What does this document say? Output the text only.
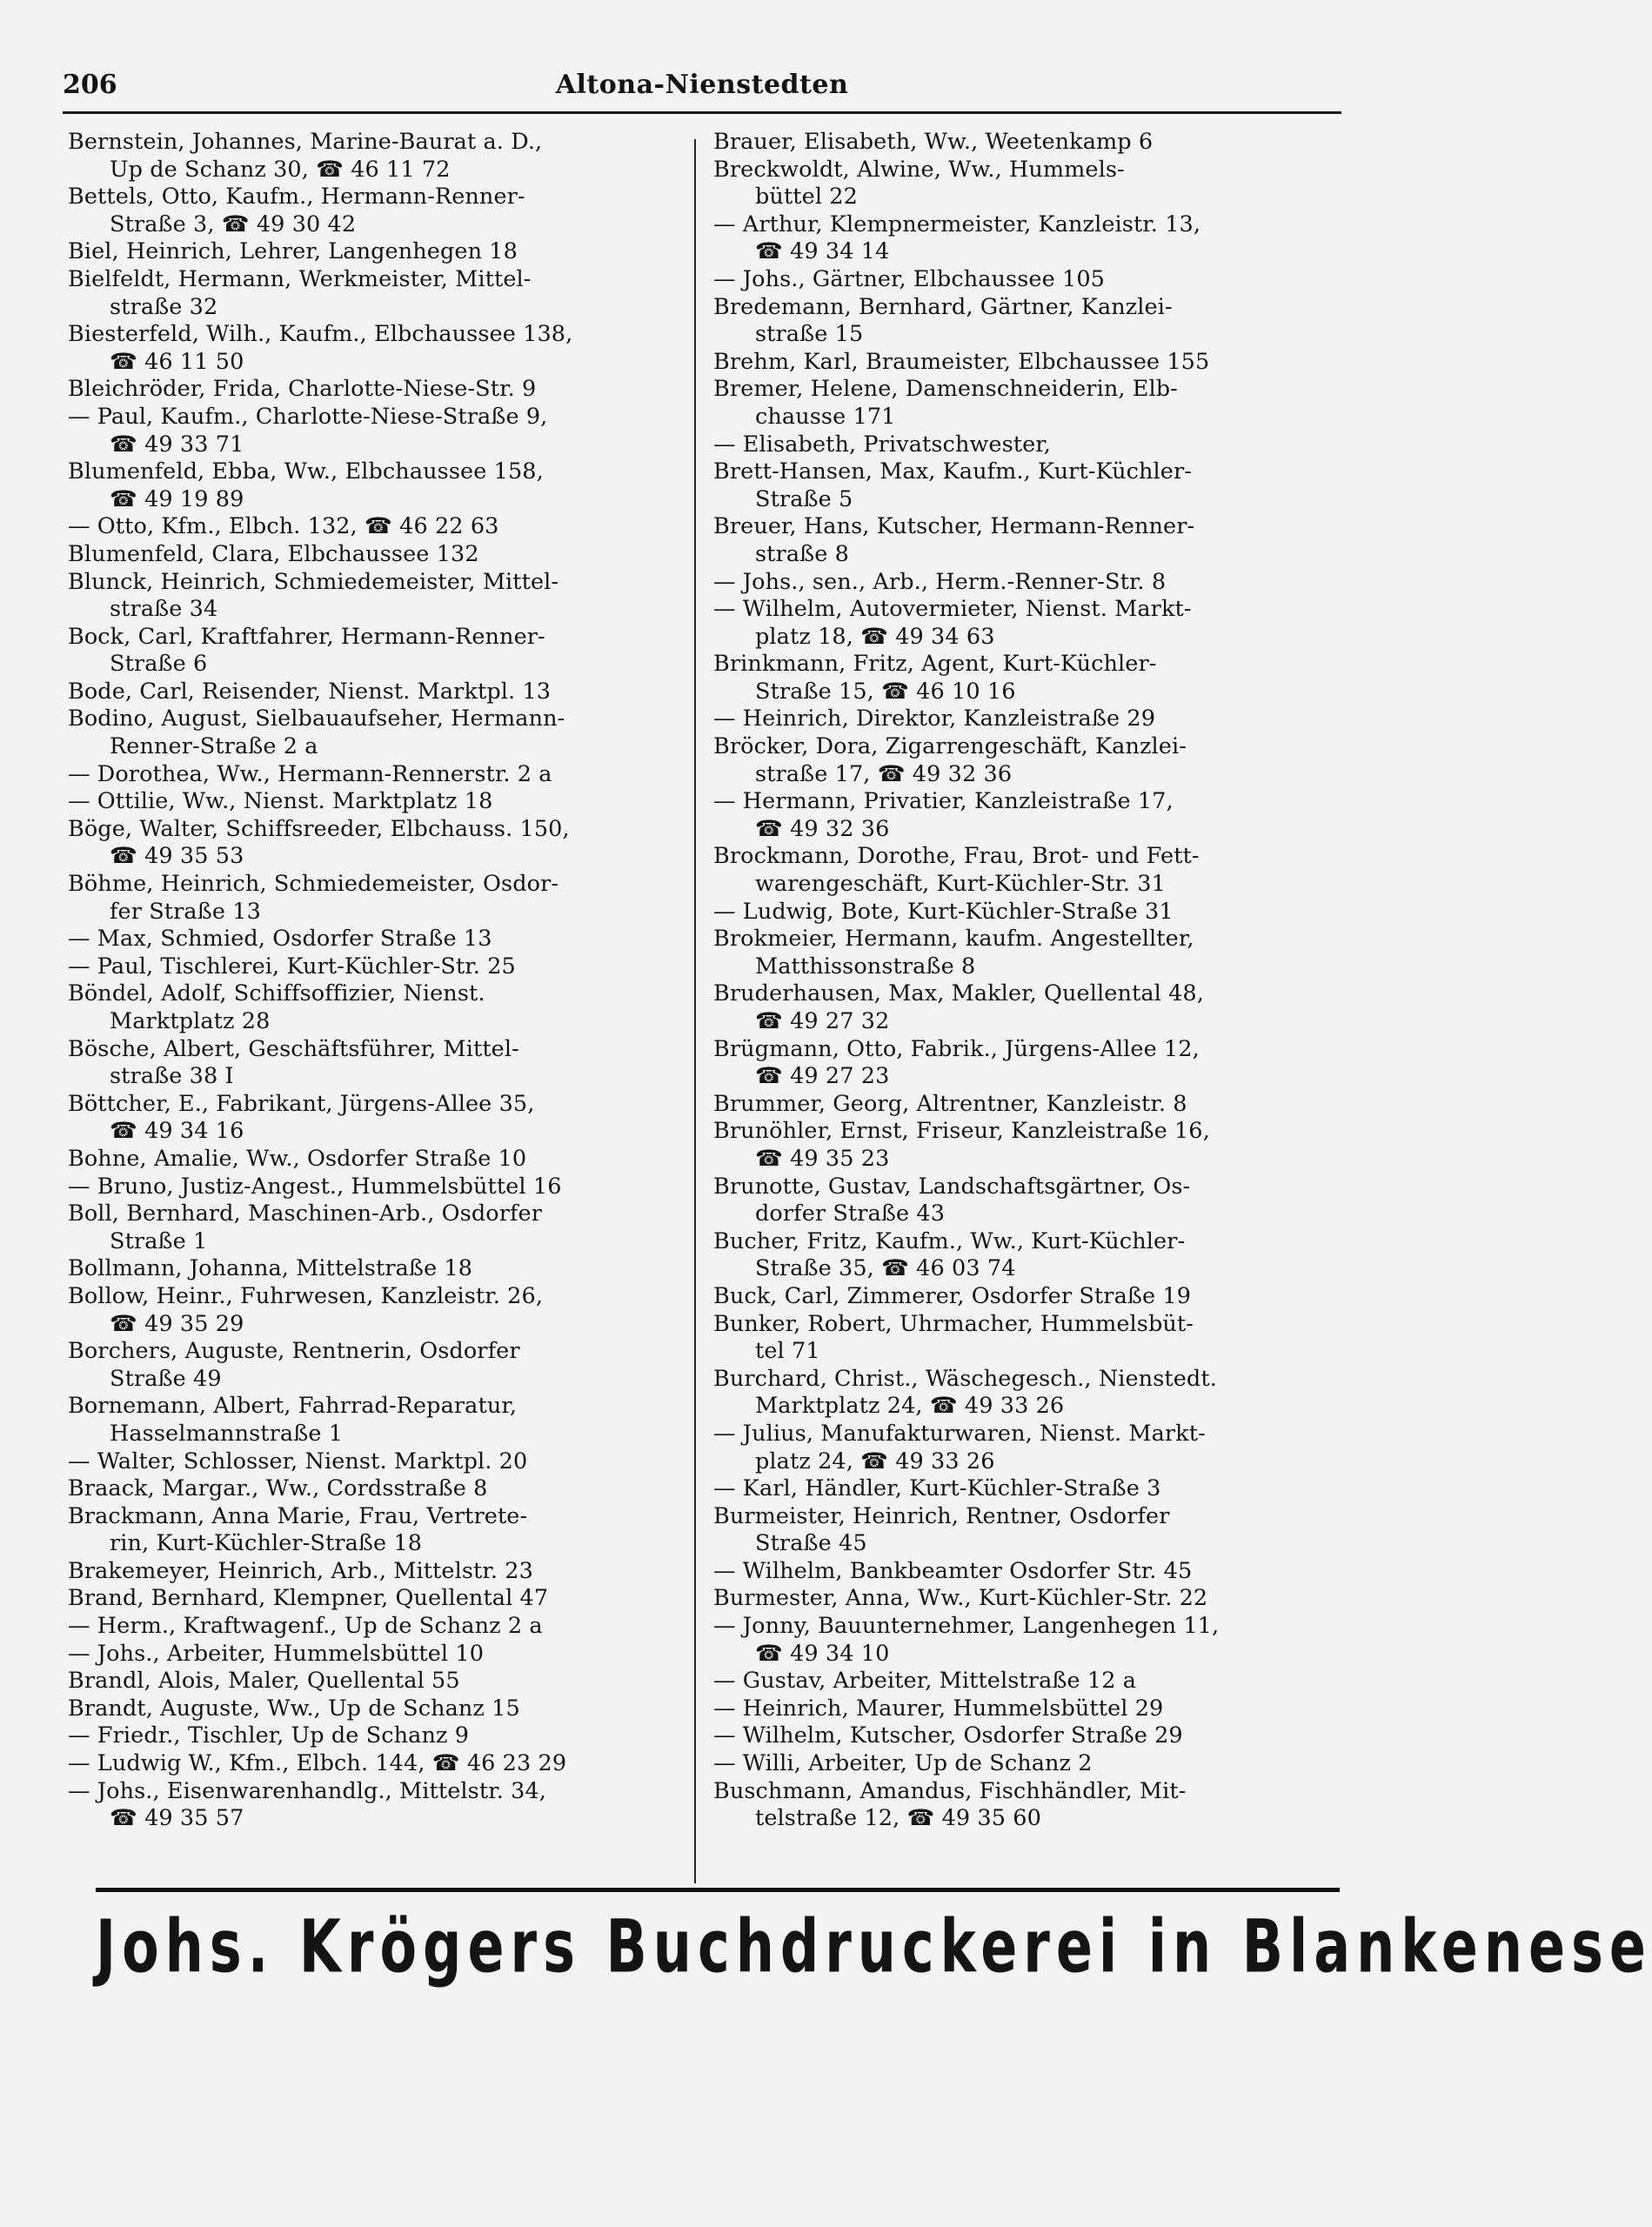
206	Altona-Nienstedten
Bernstein, Johannes, Marine-Baurat a. D.,
Up de Schanz 30, ☎ 46 11 72
Bettels, Otto, Kaufm., Hermann-Renner-
Straße 3, ☎ 49 30 42
Biel, Heinrich, Lehrer, Langenhegen 18
Bielfeldt, Hermann, Werkmeister, Mittel-
straße 32
Biesterfeld, Wilh., Kaufm., Elbchaussee 138,
☎ 46 11 50
Bleichröder, Frida, Charlotte-Niese-Str. 9
— Paul, Kaufm., Charlotte-Niese-Straße 9,
☎ 49 33 71
Blumenfeld, Ebba, Ww., Elbchaussee 158,
☎ 49 19 89
— Otto, Kfm., Elbch. 132, ☎ 46 22 63
Blumenfeld, Clara, Elbchaussee 132
Blunck, Heinrich, Schmiedemeister, Mittel-
straße 34
Bock, Carl, Kraftfahrer, Hermann-Renner-
Straße 6
Bode, Carl, Reisender, Nienst. Marktpl. 13
Bodino, August, Sielbauaufseher, Hermann-
Renner-Straße 2 a
— Dorothea, Ww., Hermann-Rennerstr. 2 a
— Ottilie, Ww., Nienst. Marktplatz 18
Böge, Walter, Schiffsreeder, Elbchauss. 150,
☎ 49 35 53
Böhme, Heinrich, Schmiedemeister, Osdor-
fer Straße 13
— Max, Schmied, Osdorfer Straße 13
— Paul, Tischlerei, Kurt-Küchler-Str. 25
Böndel, Adolf, Schiffsoffizier, Nienst.
Marktplatz 28
Bösche, Albert, Geschäftsführer, Mittel-
straße 38 I
Böttcher, E., Fabrikant, Jürgens-Allee 35,
☎ 49 34 16
Bohne, Amalie, Ww., Osdorfer Straße 10
— Bruno, Justiz-Angest., Hummelsbüttel 16
Boll, Bernhard, Maschinen-Arb., Osdorfer
Straße 1
Bollmann, Johanna, Mittelstraße 18
Bollow, Heinr., Fuhrwesen, Kanzleistr. 26,
☎ 49 35 29
Borchers, Auguste, Rentnerin, Osdorfer
Straße 49
Bornemann, Albert, Fahrrad-Reparatur,
Hasselmannstraße 1
— Walter, Schlosser, Nienst. Marktpl. 20
Braack, Margar., Ww., Cordsstraße 8
Brackmann, Anna Marie, Frau, Vertrete-
rin, Kurt-Küchler-Straße 18
Brakemeyer, Heinrich, Arb., Mittelstr. 23
Brand, Bernhard, Klempner, Quellental 47
— Herm., Kraftwagenf., Up de Schanz 2 a
— Johs., Arbeiter, Hummelsbüttel 10
Brandl, Alois, Maler, Quellental 55
Brandt, Auguste, Ww., Up de Schanz 15
— Friedr., Tischler, Up de Schanz 9
— Ludwig W., Kfm., Elbch. 144, ☎ 46 23 29
— Johs., Eisenwarenhandlg., Mittelstr. 34,
☎ 49 35 57
Brauer, Elisabeth, Ww., Weetenkamp 6
Breckwoldt, Alwine, Ww., Hummels-
büttel 22
— Arthur, Klempnermeister, Kanzleistr. 13,
☎ 49 34 14
— Johs., Gärtner, Elbchaussee 105
Bredemann, Bernhard, Gärtner, Kanzlei-
straße 15
Brehm, Karl, Braumeister, Elbchaussee 155
Bremer, Helene, Damenschneiderin, Elb-
chausse 171
— Elisabeth, Privatschwester,
Brett-Hansen, Max, Kaufm., Kurt-Küchler-
Straße 5
Breuer, Hans, Kutscher, Hermann-Renner-
straße 8
— Johs., sen., Arb., Herm.-Renner-Str. 8
— Wilhelm, Autovermieter, Nienst. Markt-
platz 18, ☎ 49 34 63
Brinkmann, Fritz, Agent, Kurt-Küchler-
Straße 15, ☎ 46 10 16
— Heinrich, Direktor, Kanzleistraße 29
Bröcker, Dora, Zigarrengeschäft, Kanzlei-
straße 17, ☎ 49 32 36
— Hermann, Privatier, Kanzleistraße 17,
☎ 49 32 36
Brockmann, Dorothe, Frau, Brot- und Fett-
warengeschäft, Kurt-Küchler-Str. 31
— Ludwig, Bote, Kurt-Küchler-Straße 31
Brokmeier, Hermann, kaufm. Angestellter,
Matthissonstraße 8
Bruderhausen, Max, Makler, Quellental 48,
☎ 49 27 32
Brügmann, Otto, Fabrik., Jürgens-Allee 12,
☎ 49 27 23
Brummer, Georg, Altrentner, Kanzleistr. 8
Brunöhler, Ernst, Friseur, Kanzleistraße 16,
☎ 49 35 23
Brunotte, Gustav, Landschaftsgärtner, Os-
dorfer Straße 43
Bucher, Fritz, Kaufm., Ww., Kurt-Küchler-
Straße 35, ☎ 46 03 74
Buck, Carl, Zimmerer, Osdorfer Straße 19
Bunker, Robert, Uhrmacher, Hummelsbüt-
tel 71
Burchard, Christ., Wäschegesch., Nienstedt.
Marktplatz 24, ☎ 49 33 26
— Julius, Manufakturwaren, Nienst. Markt-
platz 24, ☎ 49 33 26
— Karl, Händler, Kurt-Küchler-Straße 3
Burmeister, Heinrich, Rentner, Osdorfer
Straße 45
— Wilhelm, Bankbeamter Osdorfer Str. 45
Burmester, Anna, Ww., Kurt-Küchler-Str. 22
— Jonny, Bauunternehmer, Langenhegen 11,
☎ 49 34 10
— Gustav, Arbeiter, Mittelstraße 12 a
— Heinrich, Maurer, Hummelsbüttel 29
— Wilhelm, Kutscher, Osdorfer Straße 29
— Willi, Arbeiter, Up de Schanz 2
Buschmann, Amandus, Fischhändler, Mit-
telstraße 12, ☎ 49 35 60
Johs. Krögers Buchdruckerei in Blankenese
